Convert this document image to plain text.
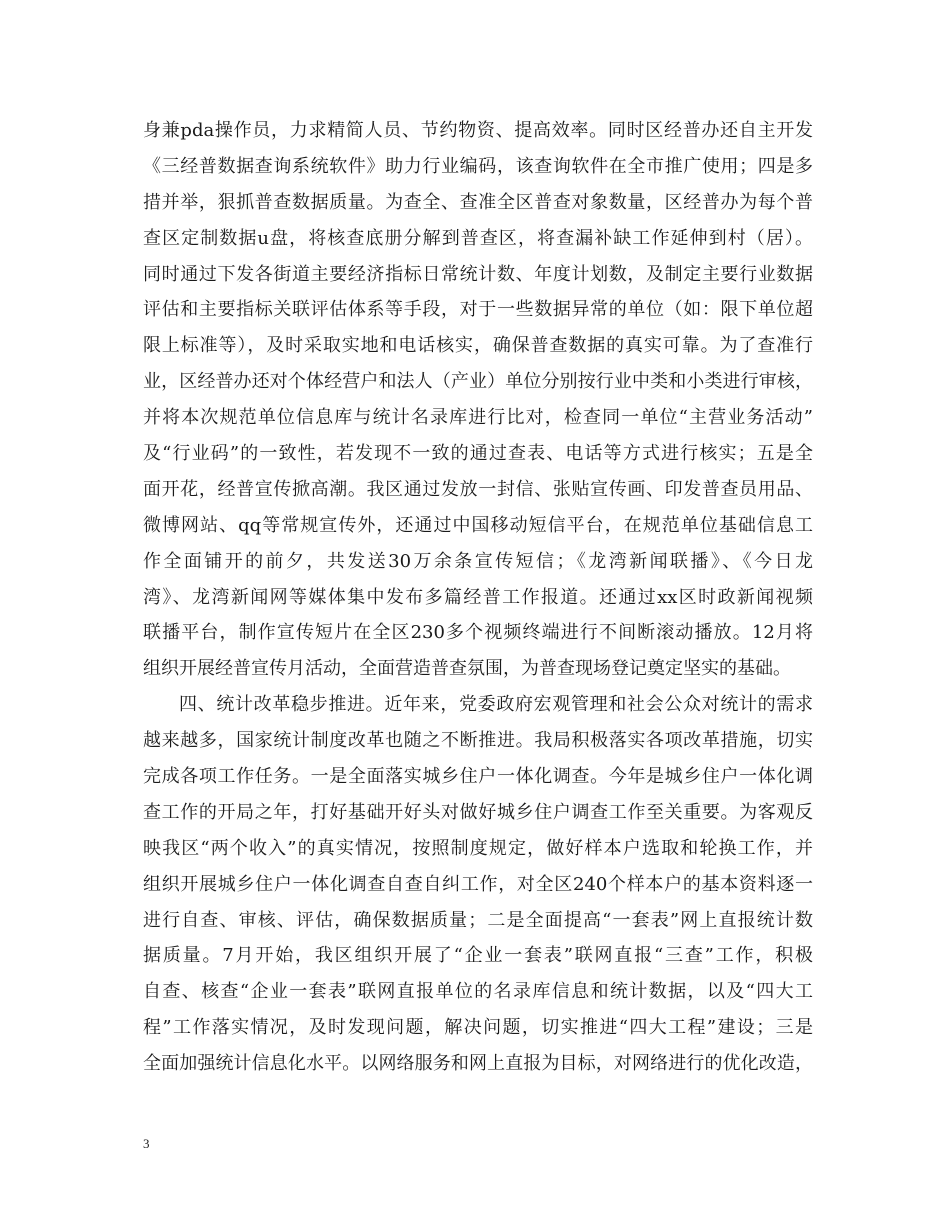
身兼pda操作员，力求精简人员、节约物资、提高效率。同时区经普办还自主开发
《三经普数据查询系统软件》助力行业编码，该查询软件在全市推广使用；四是多
措并举，狠抓普查数据质量。为查全、查准全区普查对象数量，区经普办为每个普
查区定制数据u盘，将核查底册分解到普查区，将查漏补缺工作延伸到村（居）。
同时通过下发各街道主要经济指标日常统计数、年度计划数，及制定主要行业数据
评估和主要指标关联评估体系等手段，对于一些数据异常的单位（如：限下单位超
限上标准等），及时采取实地和电话核实，确保普查数据的真实可靠。为了查准行
业，区经普办还对个体经营户和法人（产业）单位分别按行业中类和小类进行审核，
并将本次规范单位信息库与统计名录库进行比对，检查同一单位“主营业务活动”
及“行业码”的一致性，若发现不一致的通过查表、电话等方式进行核实；五是全
面开花，经普宣传掀高潮。我区通过发放一封信、张贴宣传画、印发普查员用品、
微博网站、qq等常规宣传外，还通过中国移动短信平台，在规范单位基础信息工
作全面铺开的前夕，共发送30万余条宣传短信；《龙湾新闻联播》、《今日龙
湾》、龙湾新闻网等媒体集中发布多篇经普工作报道。还通过xx区时政新闻视频
联播平台，制作宣传短片在全区230多个视频终端进行不间断滚动播放。12月将
组织开展经普宣传月活动，全面营造普查氛围，为普查现场登记奠定坚实的基础。
四、统计改革稳步推进。近年来，党委政府宏观管理和社会公众对统计的需求
越来越多，国家统计制度改革也随之不断推进。我局积极落实各项改革措施，切实
完成各项工作任务。一是全面落实城乡住户一体化调查。今年是城乡住户一体化调
查工作的开局之年，打好基础开好头对做好城乡住户调查工作至关重要。为客观反
映我区“两个收入”的真实情况，按照制度规定，做好样本户选取和轮换工作，并
组织开展城乡住户一体化调查自查自纠工作，对全区240个样本户的基本资料逐一
进行自查、审核、评估，确保数据质量；二是全面提高“一套表”网上直报统计数
据质量。7月开始，我区组织开展了“企业一套表”联网直报“三查”工作，积极
自查、核查“企业一套表”联网直报单位的名录库信息和统计数据，以及“四大工
程”工作落实情况，及时发现问题，解决问题，切实推进“四大工程”建设；三是
全面加强统计信息化水平。以网络服务和网上直报为目标，对网络进行的优化改造，
3
